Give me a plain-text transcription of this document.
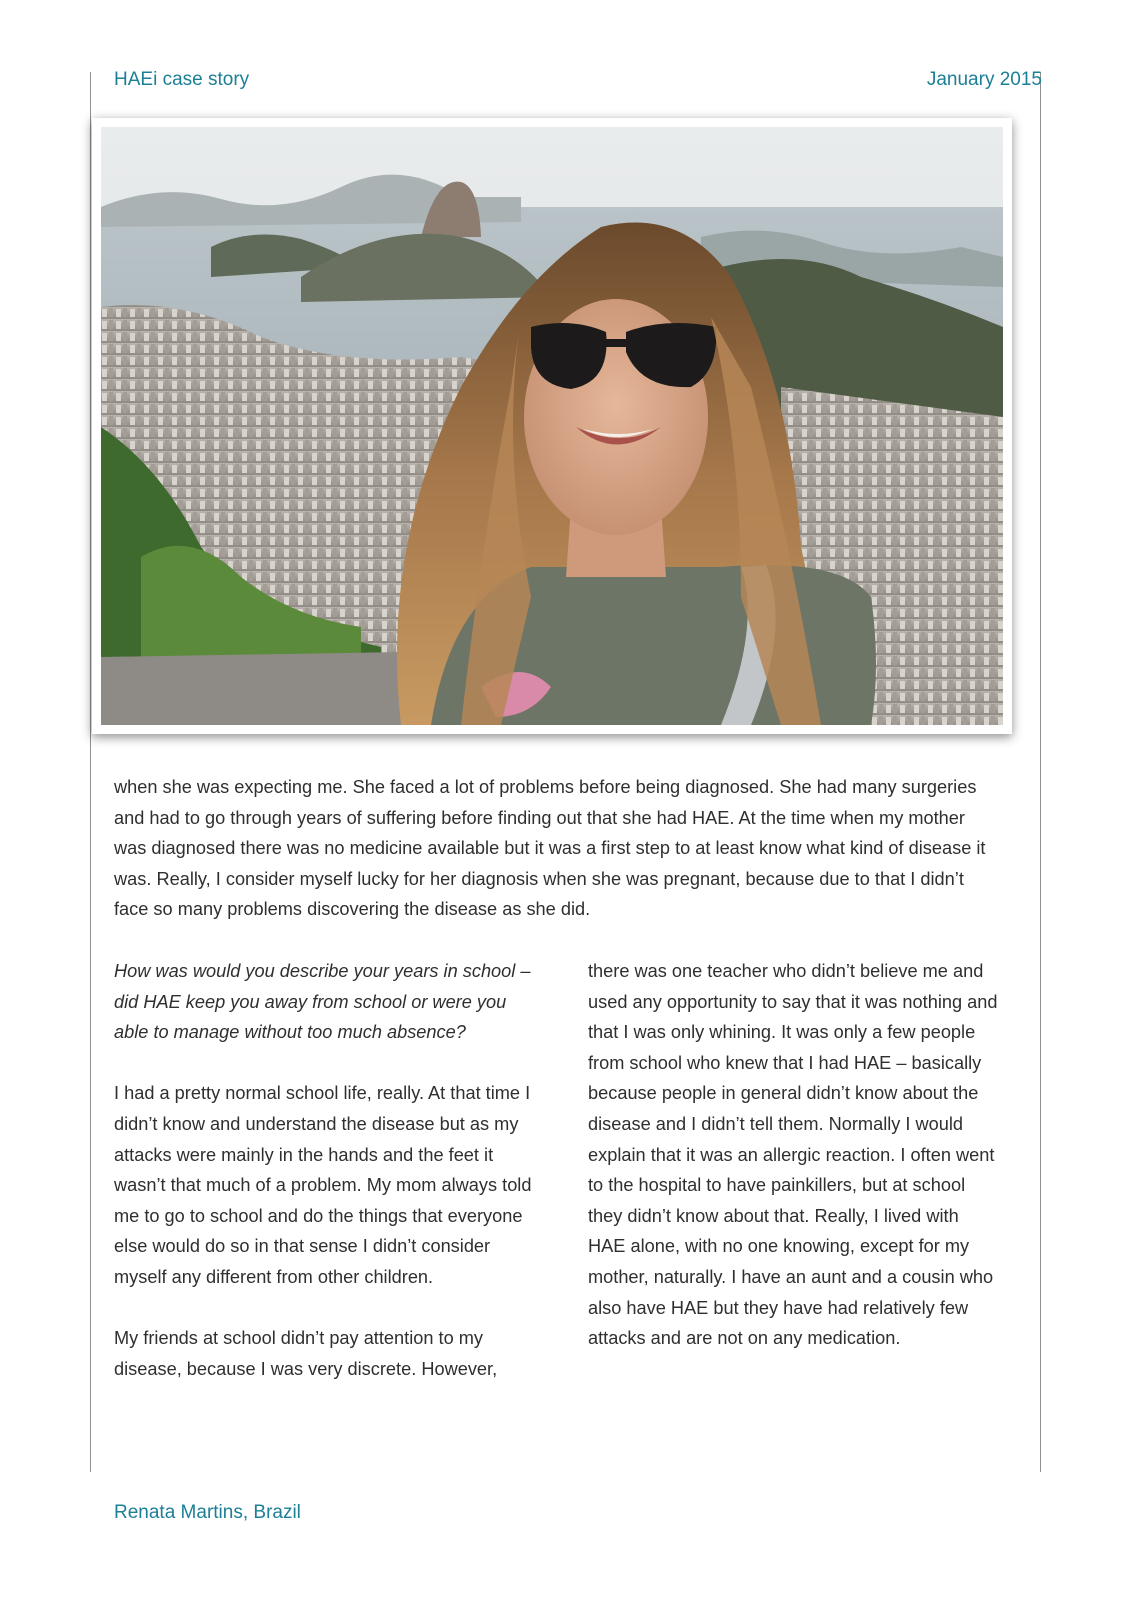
HAEi case story	January 2015
when she was expecting me. She faced a lot of problems before being diagnosed. She had many surgeries and had to go through years of suffering before finding out that she had HAE. At the time when my mother was diagnosed there was no medicine available but it was a first step to at least know what kind of disease it was. Really, I consider myself lucky for her diagnosis when she was pregnant, because due to that I didn’t face so many problems discovering the disease as she did.

How was would you describe your years in school – did HAE keep you away from school or were you able to manage without too much absence?

I had a pretty normal school life, really. At that time I didn’t know and understand the disease but as my attacks were mainly in the hands and the feet it wasn’t that much of a problem. My mom always told me to go to school and do the things that everyone else would do so in that sense I didn’t consider myself any different from other children.

My friends at school didn’t pay attention to my disease, because I was very discrete. However,

there was one teacher who didn’t believe me and used any opportunity to say that it was nothing and that I was only whining. It was only a few people from school who knew that I had HAE – basically because people in general didn’t know about the disease and I didn’t tell them. Normally I would explain that it was an allergic reaction. I often went to the hospital to have painkillers, but at school they didn’t know about that. Really, I lived with HAE alone, with no one knowing, except for my mother, naturally. I have an aunt and a cousin who also have HAE but they have had relatively few attacks and are not on any medication.

Renata Martins, Brazil
